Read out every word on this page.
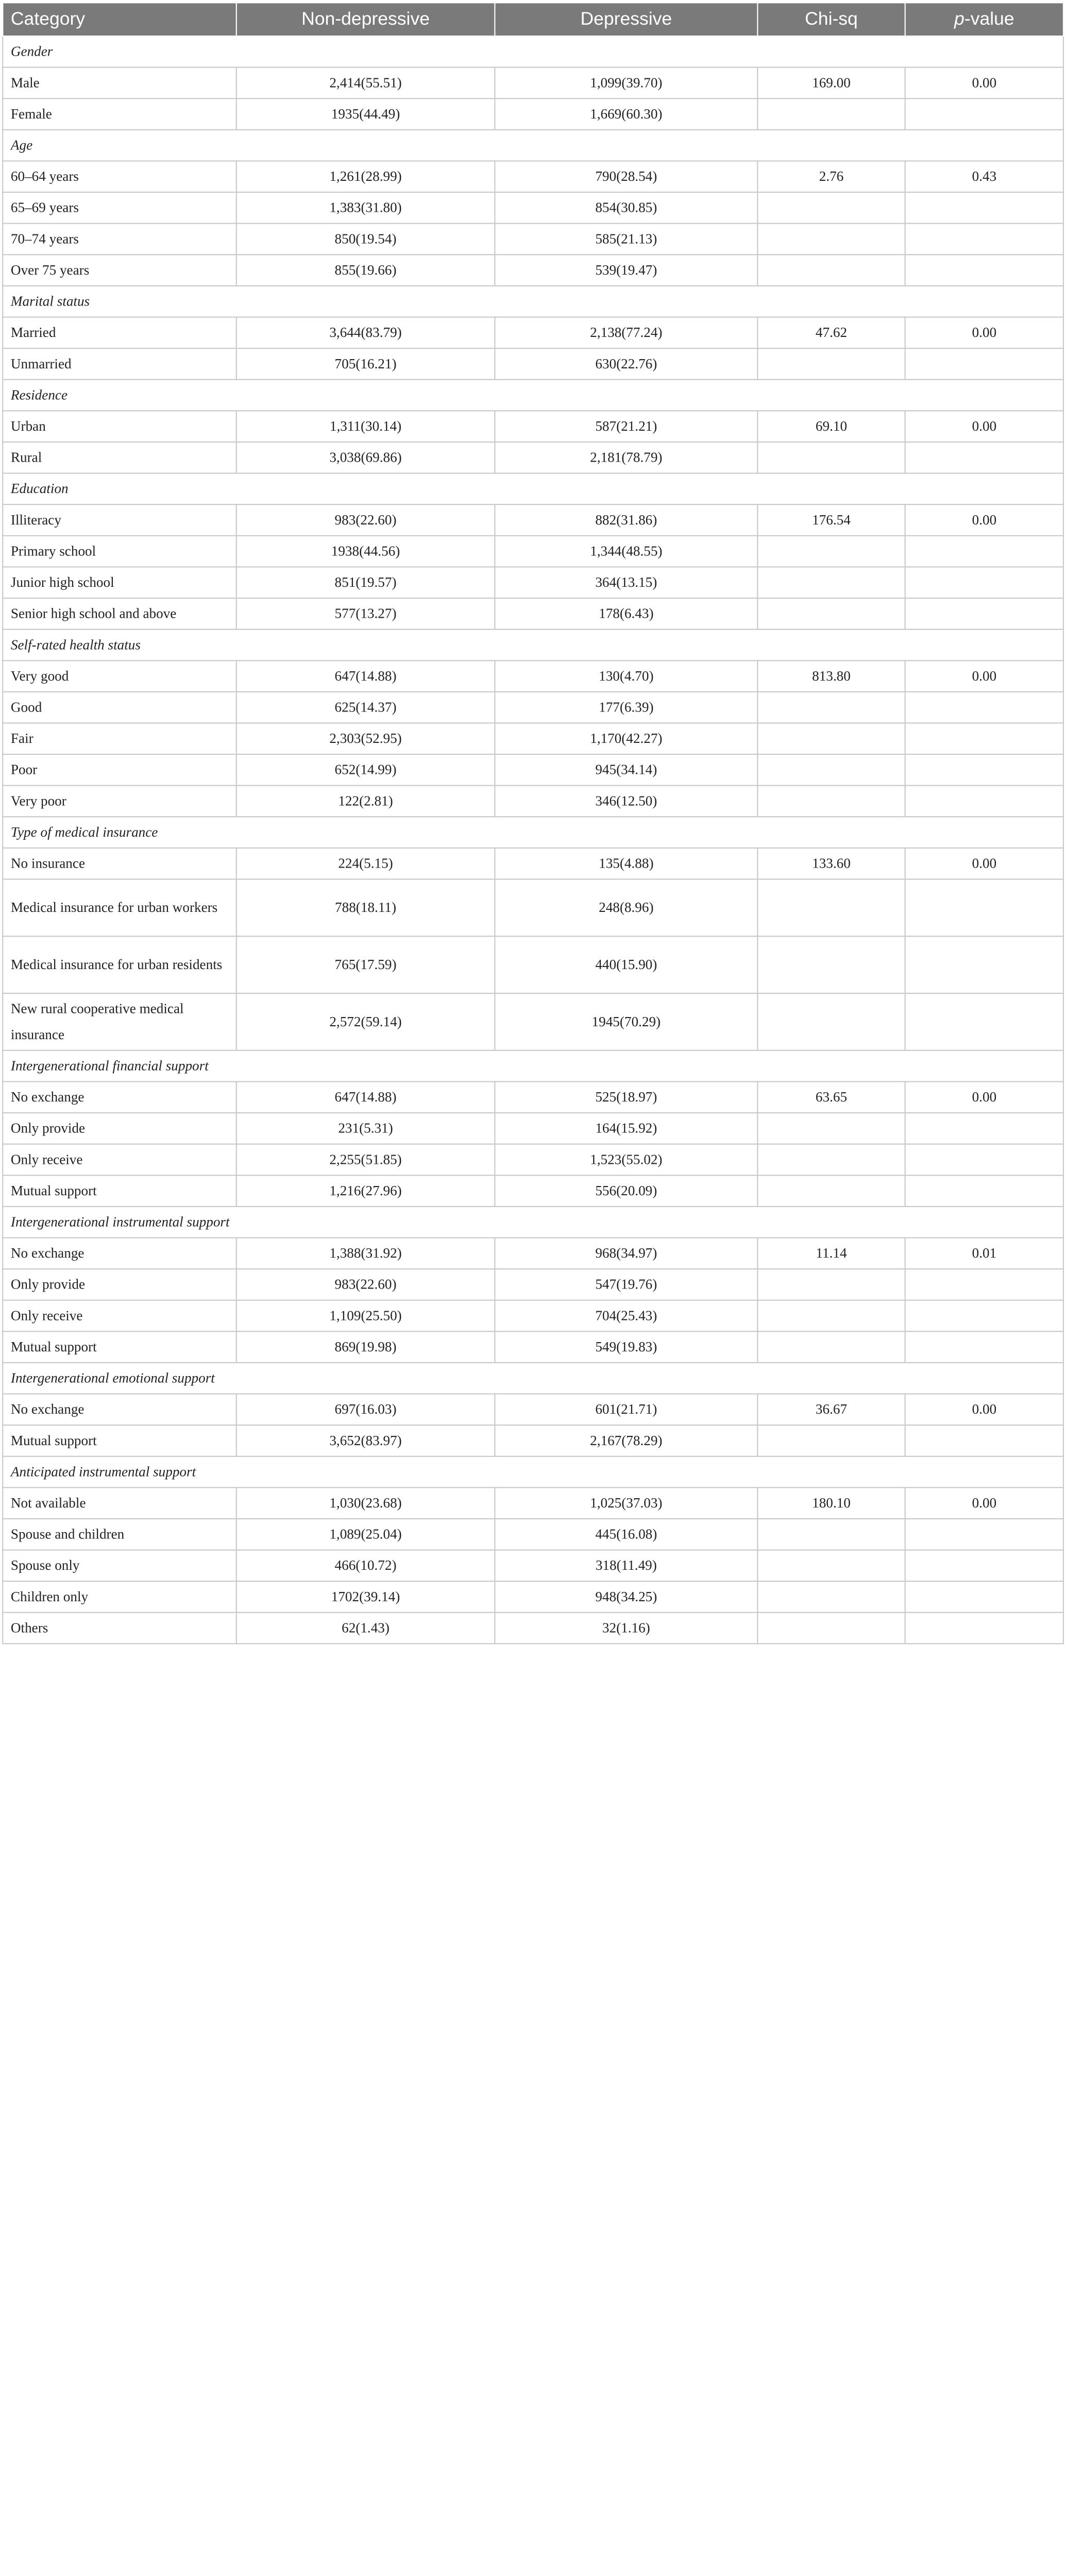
Category	Non-depressive	Depressive	Chi-sq	p-value
Gender				
Male	2,414(55.51)	1,099(39.70)	169.00	0.00
Female	1935(44.49)	1,669(60.30)		
Age				
60–64 years	1,261(28.99)	790(28.54)	2.76	0.43
65–69 years	1,383(31.80)	854(30.85)		
70–74 years	850(19.54)	585(21.13)		
Over 75 years	855(19.66)	539(19.47)		
Marital status				
Married	3,644(83.79)	2,138(77.24)	47.62	0.00
Unmarried	705(16.21)	630(22.76)		
Residence				
Urban	1,311(30.14)	587(21.21)	69.10	0.00
Rural	3,038(69.86)	2,181(78.79)		
Education				
Illiteracy	983(22.60)	882(31.86)	176.54	0.00
Primary school	1938(44.56)	1,344(48.55)		
Junior high school	851(19.57)	364(13.15)		
Senior high school and above	577(13.27)	178(6.43)		
Self-rated health status				
Very good	647(14.88)	130(4.70)	813.80	0.00
Good	625(14.37)	177(6.39)		
Fair	2,303(52.95)	1,170(42.27)		
Poor	652(14.99)	945(34.14)		
Very poor	122(2.81)	346(12.50)		
Type of medical insurance				
No insurance	224(5.15)	135(4.88)	133.60	0.00
Medical insurance for urban workers	788(18.11)	248(8.96)		
Medical insurance for urban residents	765(17.59)	440(15.90)		
New rural cooperative medical insurance	2,572(59.14)	1945(70.29)		
Intergenerational financial support				
No exchange	647(14.88)	525(18.97)	63.65	0.00
Only provide	231(5.31)	164(15.92)		
Only receive	2,255(51.85)	1,523(55.02)		
Mutual support	1,216(27.96)	556(20.09)		
Intergenerational instrumental support				
No exchange	1,388(31.92)	968(34.97)	11.14	0.01
Only provide	983(22.60)	547(19.76)		
Only receive	1,109(25.50)	704(25.43)		
Mutual support	869(19.98)	549(19.83)		
Intergenerational emotional support				
No exchange	697(16.03)	601(21.71)	36.67	0.00
Mutual support	3,652(83.97)	2,167(78.29)		
Anticipated instrumental support				
Not available	1,030(23.68)	1,025(37.03)	180.10	0.00
Spouse and children	1,089(25.04)	445(16.08)		
Spouse only	466(10.72)	318(11.49)		
Children only	1702(39.14)	948(34.25)		
Others	62(1.43)	32(1.16)		
